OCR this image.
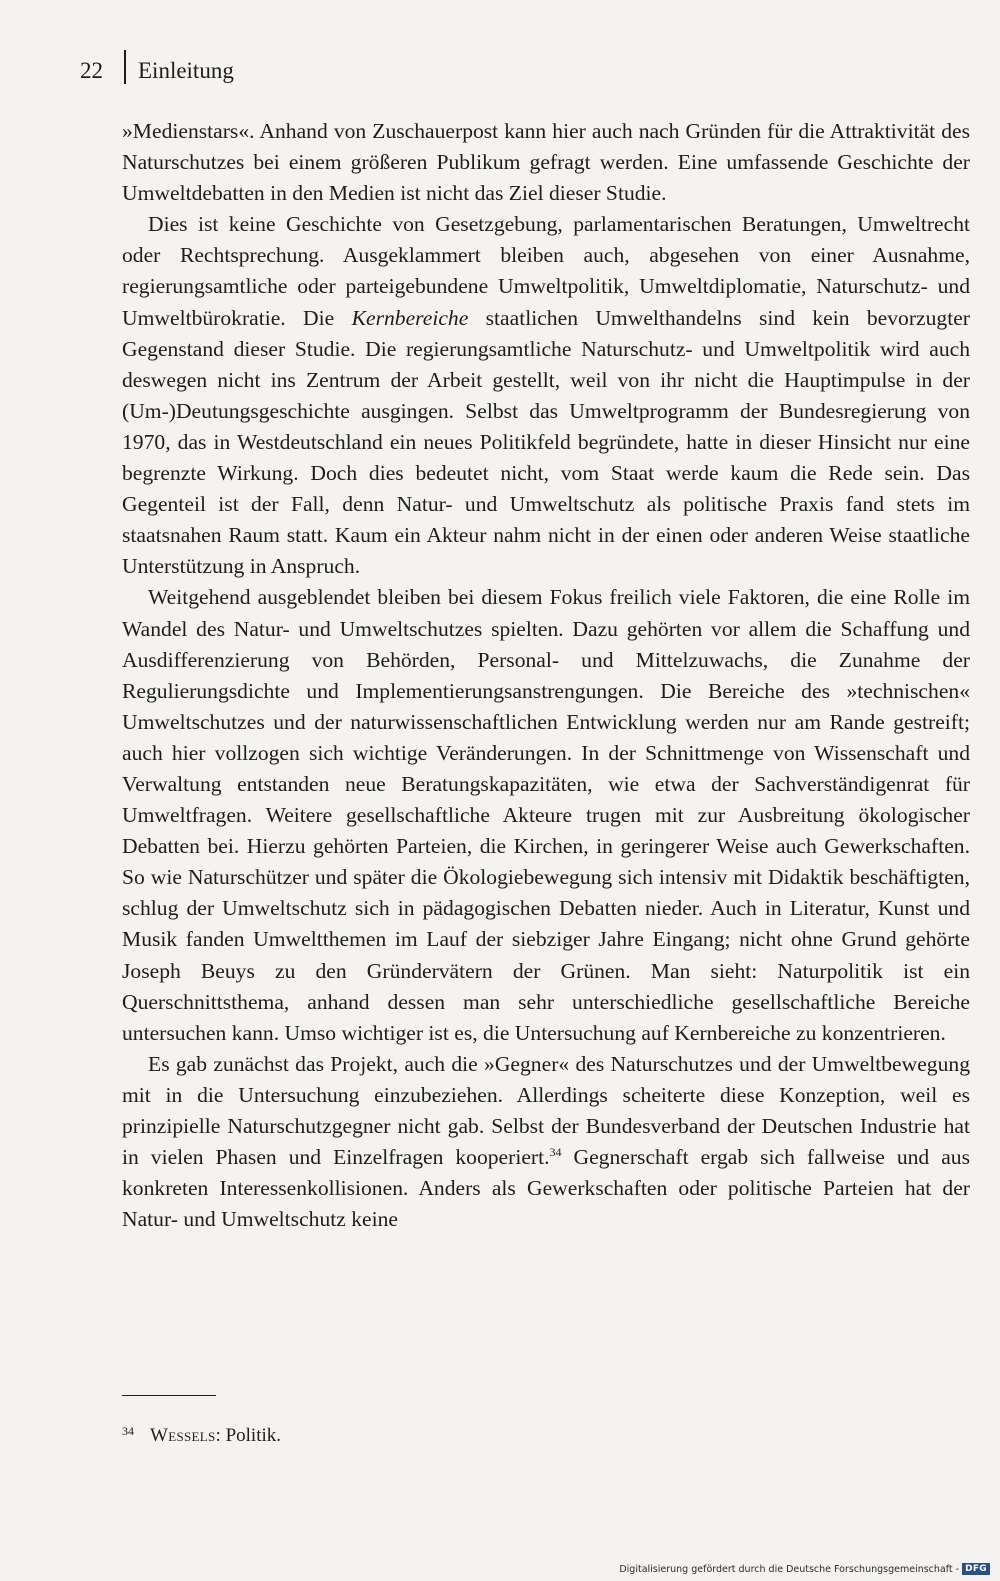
22	Einleitung

»Medienstars«. Anhand von Zuschauerpost kann hier auch nach Gründen für die Attraktivität des Naturschutzes bei einem größeren Publikum gefragt werden. Eine umfassende Geschichte der Umweltdebatten in den Medien ist nicht das Ziel dieser Studie.

Dies ist keine Geschichte von Gesetzgebung, parlamentarischen Beratungen, Umweltrecht oder Rechtsprechung. Ausgeklammert bleiben auch, abgesehen von einer Ausnahme, regierungsamtliche oder parteigebundene Umweltpolitik, Umweltdiplomatie, Naturschutz- und Umweltbürokratie. Die Kernbereiche staatlichen Umwelthandelns sind kein bevorzugter Gegenstand dieser Studie. Die regierungsamtliche Naturschutz- und Umweltpolitik wird auch deswegen nicht ins Zentrum der Arbeit gestellt, weil von ihr nicht die Hauptimpulse in der (Um-)Deutungsgeschichte ausgingen. Selbst das Umweltprogramm der Bundesregierung von 1970, das in Westdeutschland ein neues Politikfeld begründete, hatte in dieser Hinsicht nur eine begrenzte Wirkung. Doch dies bedeutet nicht, vom Staat werde kaum die Rede sein. Das Gegenteil ist der Fall, denn Natur- und Umweltschutz als politische Praxis fand stets im staatsnahen Raum statt. Kaum ein Akteur nahm nicht in der einen oder anderen Weise staatliche Unterstützung in Anspruch.

Weitgehend ausgeblendet bleiben bei diesem Fokus freilich viele Faktoren, die eine Rolle im Wandel des Natur- und Umweltschutzes spielten. Dazu gehörten vor allem die Schaffung und Ausdifferenzierung von Behörden, Personal- und Mittelzuwachs, die Zunahme der Regulierungsdichte und Implementierungsanstrengungen. Die Bereiche des »technischen« Umweltschutzes und der naturwissenschaftlichen Entwicklung werden nur am Rande gestreift; auch hier vollzogen sich wichtige Veränderungen. In der Schnittmenge von Wissenschaft und Verwaltung entstanden neue Beratungskapazitäten, wie etwa der Sachverständigenrat für Umweltfragen. Weitere gesellschaftliche Akteure trugen mit zur Ausbreitung ökologischer Debatten bei. Hierzu gehörten Parteien, die Kirchen, in geringerer Weise auch Gewerkschaften. So wie Naturschützer und später die Ökologiebewegung sich intensiv mit Didaktik beschäftigten, schlug der Umweltschutz sich in pädagogischen Debatten nieder. Auch in Literatur, Kunst und Musik fanden Umweltthemen im Lauf der siebziger Jahre Eingang; nicht ohne Grund gehörte Joseph Beuys zu den Gründervätern der Grünen. Man sieht: Naturpolitik ist ein Querschnittsthema, anhand dessen man sehr unterschiedliche gesellschaftliche Bereiche untersuchen kann. Umso wichtiger ist es, die Untersuchung auf Kernbereiche zu konzentrieren.

Es gab zunächst das Projekt, auch die »Gegner« des Naturschutzes und der Umweltbewegung mit in die Untersuchung einzubeziehen. Allerdings scheiterte diese Konzeption, weil es prinzipielle Naturschutzgegner nicht gab. Selbst der Bundesverband der Deutschen Industrie hat in vielen Phasen und Einzelfragen kooperiert.$^{34}$ Gegnerschaft ergab sich fallweise und aus konkreten Interessenkollisionen. Anders als Gewerkschaften oder politische Parteien hat der Natur- und Umweltschutz keine

$^{34}$ Wessels: Politik.
Digitalisierung gefördert durch die Deutsche Forschungsgemeinschaft - DFG
